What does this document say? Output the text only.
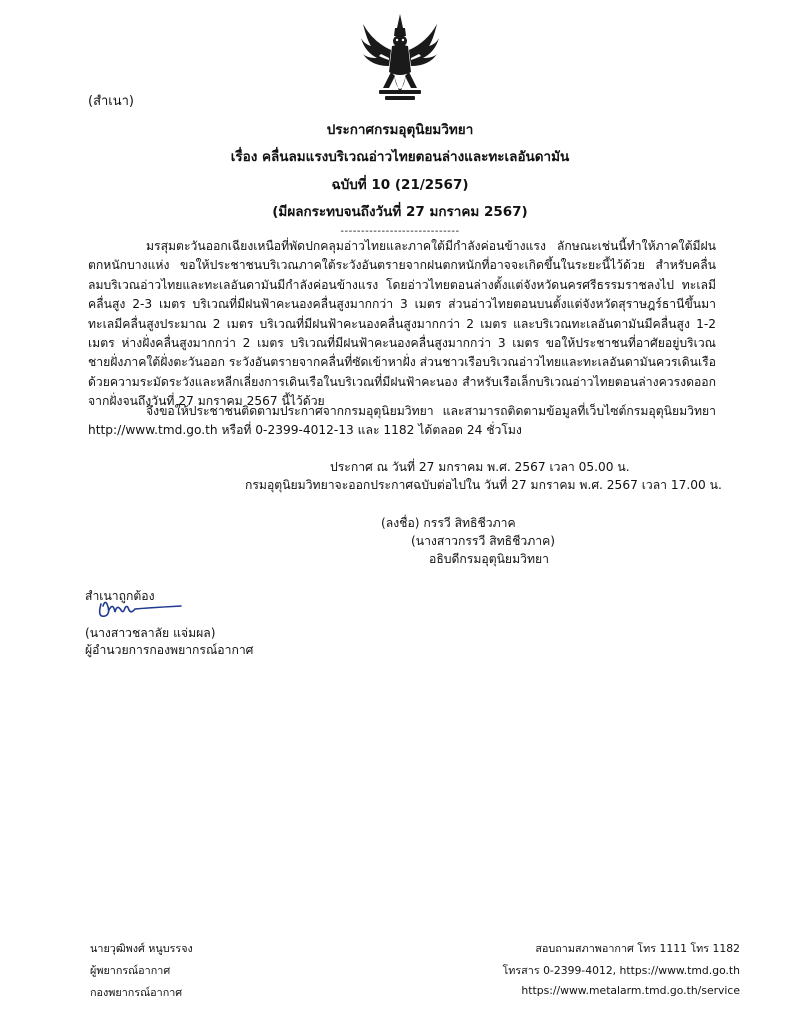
(สำเนา)
ประกาศกรมอุตุนิยมวิทยา
เรื่อง คลื่นลมแรงบริเวณอ่าวไทยตอนล่างและทะเลอันดามัน
ฉบับที่ 10 (21/2567)
(มีผลกระทบจนถึงวันที่ 27 มกราคม 2567)
-----------------------------
มรสุมตะวันออกเฉียงเหนือที่พัดปกคลุมอ่าวไทยและภาคใต้มีกำลังค่อนข้างแรง ลักษณะเช่นนี้ทำให้ภาคใต้มีฝนตกหนักบางแห่ง ขอให้ประชาชนบริเวณภาคใต้ระวังอันตรายจากฝนตกหนักที่อาจจะเกิดขึ้นในระยะนี้ไว้ด้วย สำหรับคลื่นลมบริเวณอ่าวไทยและทะเลอันดามันมีกำลังค่อนข้างแรง โดยอ่าวไทยตอนล่างตั้งแต่จังหวัดนครศรีธรรมราชลงไป ทะเลมีคลื่นสูง 2-3 เมตร บริเวณที่มีฝนฟ้าคะนองคลื่นสูงมากกว่า 3 เมตร ส่วนอ่าวไทยตอนบนตั้งแต่จังหวัดสุราษฎร์ธานีขึ้นมา ทะเลมีคลื่นสูงประมาณ 2 เมตร บริเวณที่มีฝนฟ้าคะนองคลื่นสูงมากกว่า 2 เมตร และบริเวณทะเลอันดามันมีคลื่นสูง 1-2 เมตร ห่างฝั่งคลื่นสูงมากกว่า 2 เมตร บริเวณที่มีฝนฟ้าคะนองคลื่นสูงมากกว่า 3 เมตร ขอให้ประชาชนที่อาศัยอยู่บริเวณชายฝั่งภาคใต้ฝั่งตะวันออก ระวังอันตรายจากคลื่นที่ซัดเข้าหาฝั่ง ส่วนชาวเรือบริเวณอ่าวไทยและทะเลอันดามันควรเดินเรือด้วยความระมัดระวังและหลีกเลี่ยงการเดินเรือในบริเวณที่มีฝนฟ้าคะนอง สำหรับเรือเล็กบริเวณอ่าวไทยตอนล่างควรงดออกจากฝั่งจนถึงวันที่ 27 มกราคม 2567 นี้ไว้ด้วย
จึงขอให้ประชาชนติดตามประกาศจากกรมอุตุนิยมวิทยา และสามารถติดตามข้อมูลที่เว็บไซต์กรมอุตุนิยมวิทยา http://www.tmd.go.th หรือที่ 0-2399-4012-13 และ 1182 ได้ตลอด 24 ชั่วโมง
ประกาศ ณ วันที่ 27 มกราคม พ.ศ. 2567 เวลา 05.00 น.
กรมอุตุนิยมวิทยาจะออกประกาศฉบับต่อไปใน วันที่ 27 มกราคม พ.ศ. 2567 เวลา 17.00 น.
(ลงชื่อ) กรรวี สิทธิชีวภาค
(นางสาวกรรวี สิทธิชีวภาค)
อธิบดีกรมอุตุนิยมวิทยา
สำเนาถูกต้อง
(นางสาวชลาลัย แจ่มผล)
ผู้อำนวยการกองพยากรณ์อากาศ
นายวุฒิพงศ์ หนูบรรจง
ผู้พยากรณ์อากาศ
กองพยากรณ์อากาศ
สอบถามสภาพอากาศ โทร 1111 โทร 1182
โทรสาร 0-2399-4012, https://www.tmd.go.th
https://www.metalarm.tmd.go.th/service
